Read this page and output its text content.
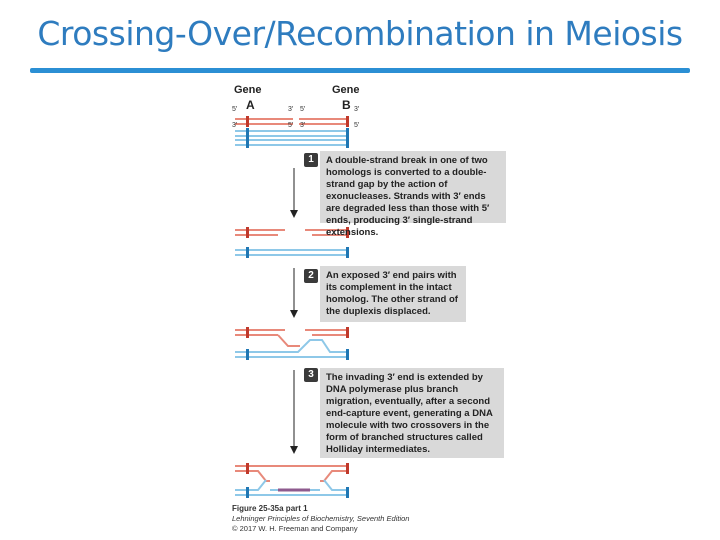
Crossing-Over/Recombination in Meiosis
Gene
A
Gene
B
5′	3′ 5′	3′
3′	5′ 3′	5′
1	A double-strand break in one of two homologs is converted to a double-strand gap by the action of exonucleases. Strands with 3′ ends are degraded less than those with 5′ ends, producing 3′ single-strand extensions.
2	An exposed 3′ end pairs with its complement in the intact homolog. The other strand of the duplexis displaced.
3	The invading 3′ end is extended by DNA polymerase plus branch migration, eventually, after a second end-capture event, generating a DNA molecule with two crossovers in the form of branched structures called Holliday intermediates.
Figure 25-35a part 1
Lehninger Principles of Biochemistry, Seventh Edition
© 2017 W. H. Freeman and Company
